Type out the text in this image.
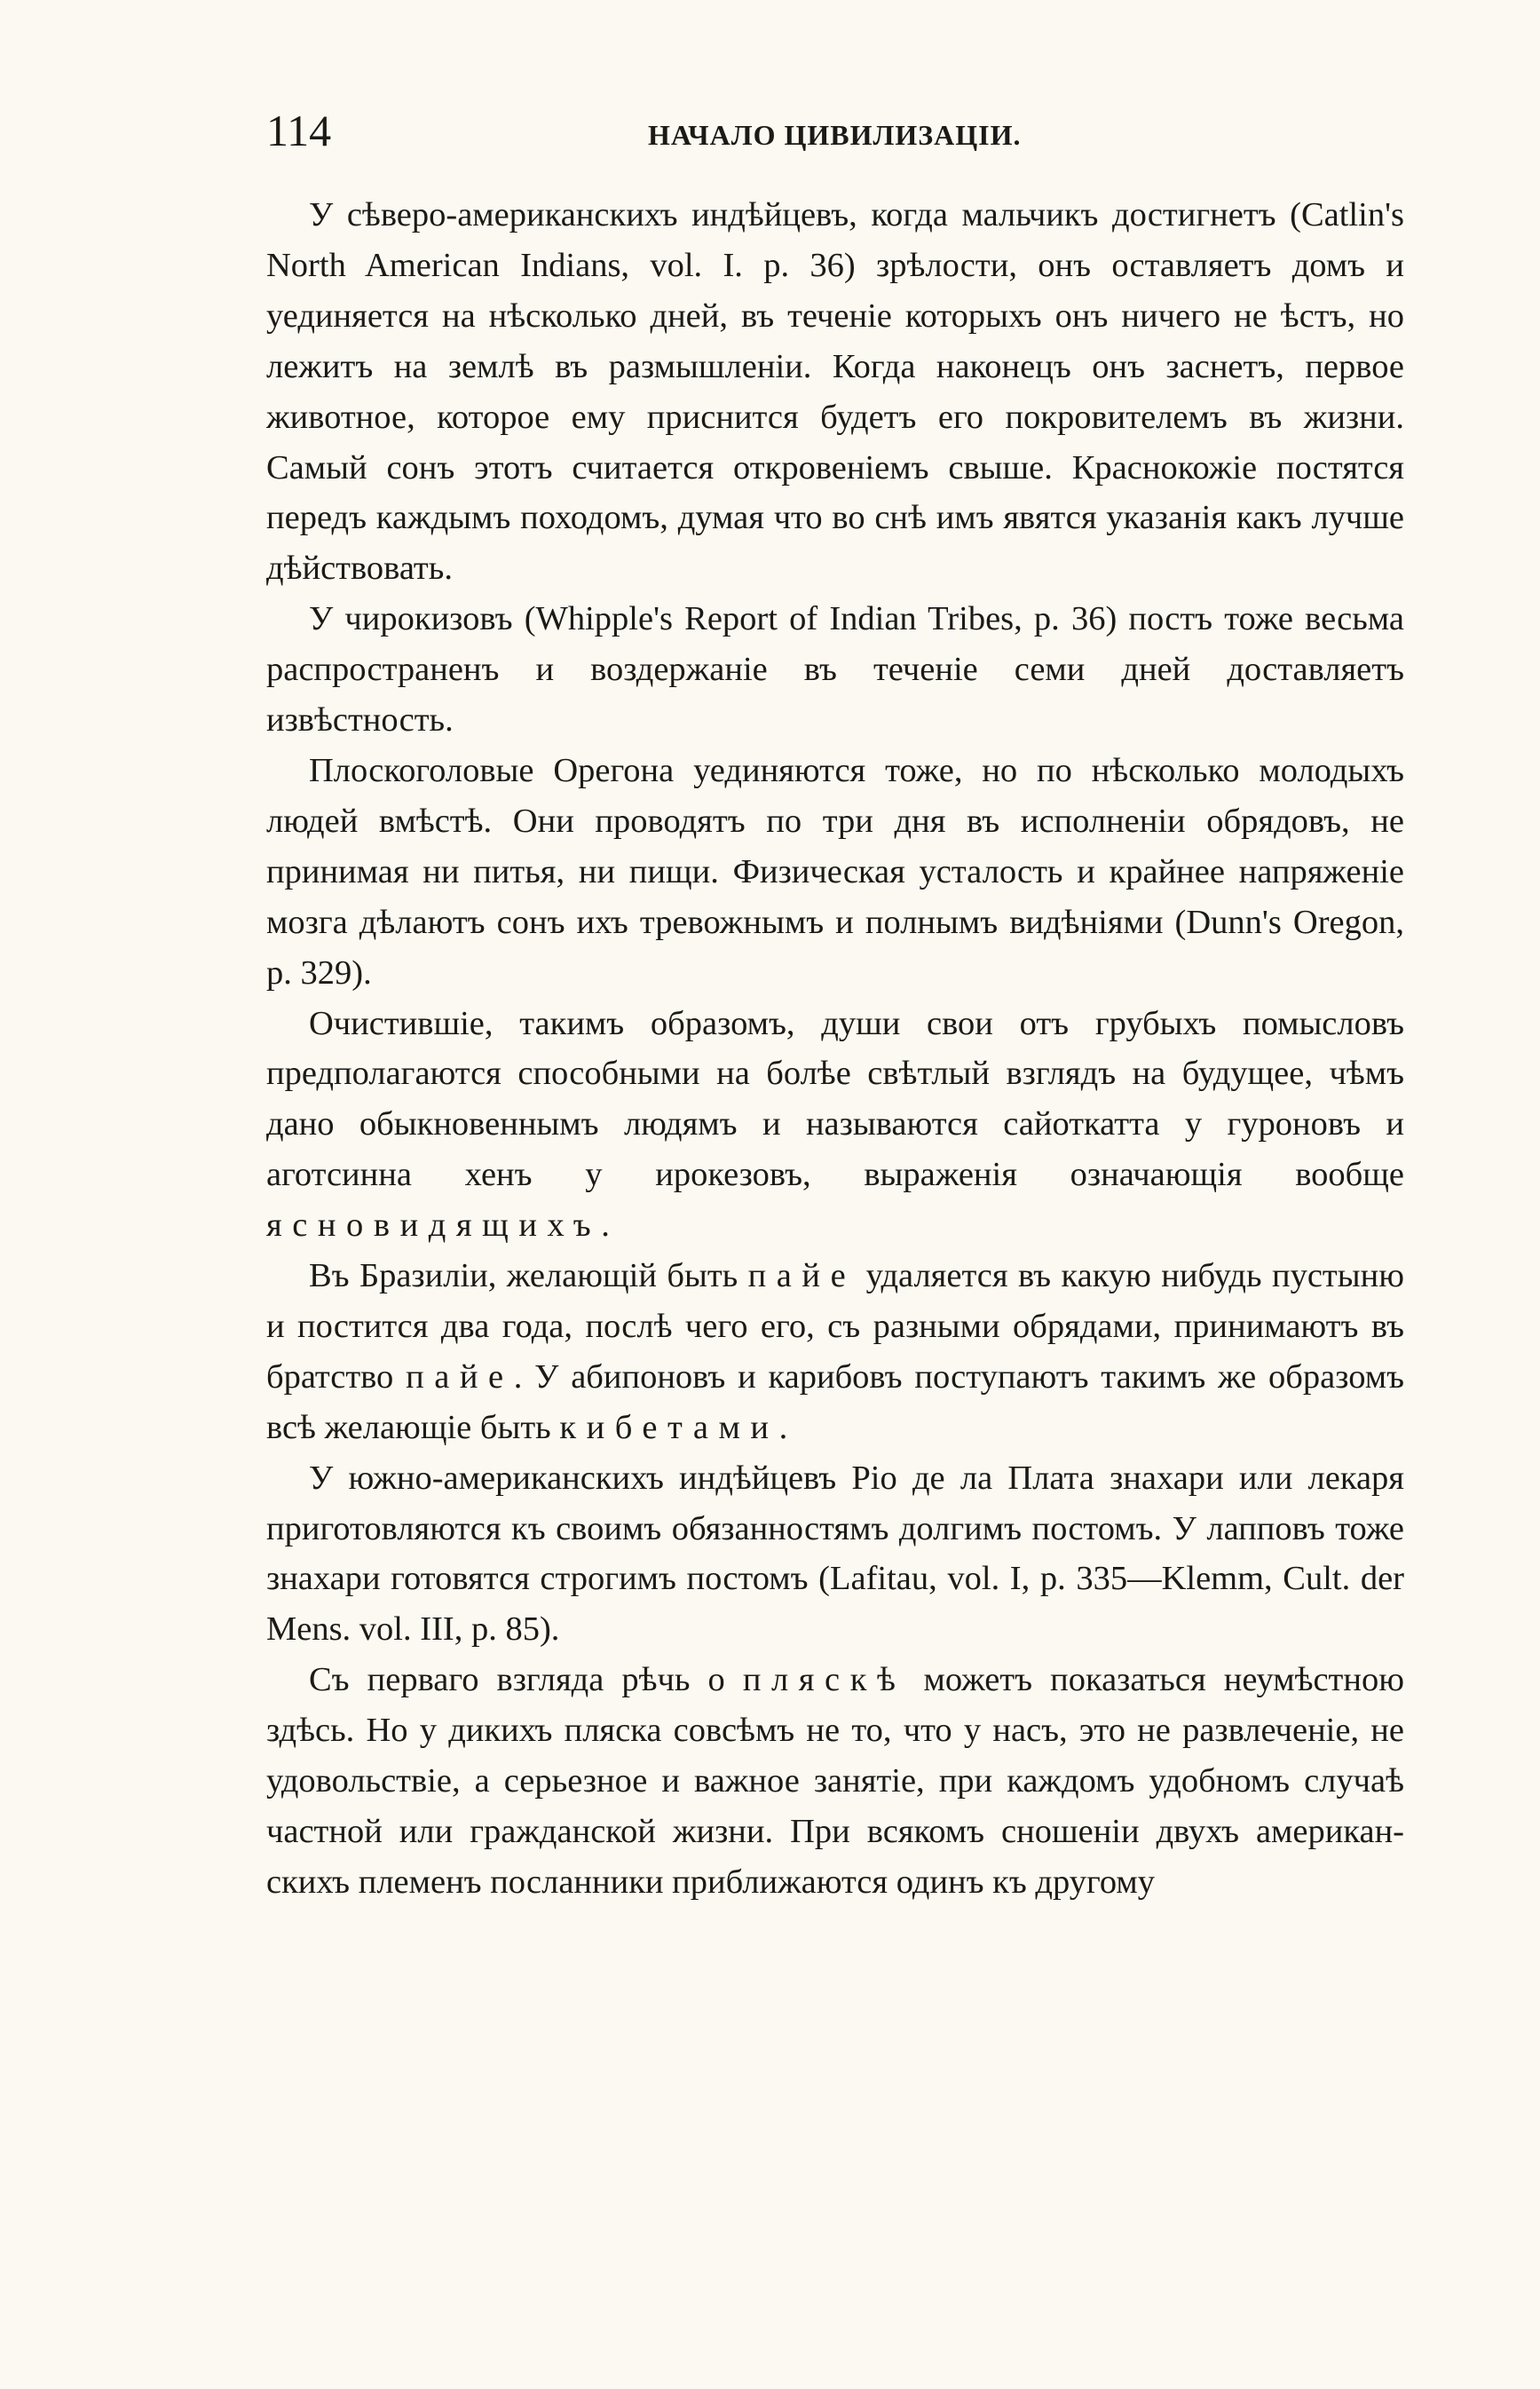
114	НАЧАЛО ЦИВИЛИЗАЦІИ.

У сѣверо-американскихъ индѣйцевъ, когда мальчикъ достигнетъ (Catlin's North American Indians, vol. I. p. 36) зрѣлости, онъ оставляетъ домъ и уединяется на нѣсколько дней, въ теченіе которыхъ онъ ничего не ѣстъ, но лежитъ на землѣ въ размышленіи. Когда наконецъ онъ заснетъ, первое животное, которое ему приснится будетъ его покровителемъ въ жизни. Самый сонъ этотъ считается откровеніемъ свыше. Краснокожіе постятся передъ каждымъ походомъ, думая что во снѣ имъ явятся указанія какъ лучше дѣйствовать.

У чирокизовъ (Whipple's Report of Indian Tribes, p. 36) постъ тоже весьма распространенъ и воздержаніе въ теченіе семи дней доставляетъ извѣстность.

Плоскоголовые Орегона уединяются тоже, но по нѣсколько молодыхъ людей вмѣстѣ. Они проводятъ по три дня въ исполненіи обрядовъ, не принимая ни питья, ни пищи. Физическая усталость и крайнее напряженіе мозга дѣлаютъ сонъ ихъ тревожнымъ и полнымъ видѣніями (Dunn's Oregon, p. 329).

Очистившіе, такимъ образомъ, души свои отъ грубыхъ помысловъ предполагаются способными на болѣе свѣтлый взглядъ на будущее, чѣмъ дано обыкновеннымъ людямъ и называются сайоткатта у гуроновъ и аготсинна хенъ у ирокезовъ, выраженія означающія вообще ясновидящихъ.

Въ Бразиліи, желающій быть пайе удаляется въ какую нибудь пустыню и постится два года, послѣ чего его, съ разными обрядами, принимаютъ въ братство пайе. У абипоновъ и карибовъ поступаютъ такимъ же образомъ всѣ желающіе быть кибетами.

У южно-американскихъ индѣйцевъ Ріо де ла Плата знахари или лекаря приготовляются къ своимъ обязанностямъ долгимъ постомъ. У лапповъ тоже знахари готовятся строгимъ постомъ (Lafitau, vol. I, p. 335—Klemm, Cult. der Mens. vol. III, p. 85).

Съ перваго взгляда рѣчь о пляскѣ можетъ показаться неумѣстною здѣсь. Но у дикихъ пляска совсѣмъ не то, что у насъ, это не развлеченіе, не удовольствіе, а серьезное и важное занятіе, при каждомъ удобномъ случаѣ частной или гражданской жизни. При всякомъ сношеніи двухъ американскихъ племенъ посланники приближаются одинъ къ другому
